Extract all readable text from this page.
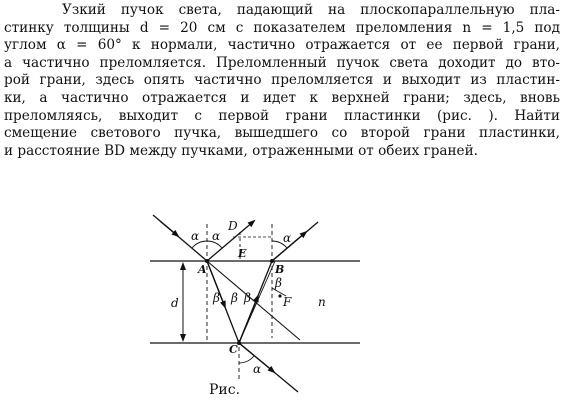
Узкий пучок света, падающий на плоскопараллельную пла-
стинку толщины d = 20 см с показателем преломления n = 1,5 под
углом α = 60° к нормали, частично отражается от ее первой грани,
а частично преломляется. Преломленный пучок света доходит до вто-
рой грани, здесь опять частично преломляется и выходит из пластин-
ки, а частично отражается и идет к верхней грани; здесь, вновь
преломляясь, выходит с первой грани пластинки (рис. ). Найти
смещение светового пучка, вышедшего со второй грани пластинки,
и расстояние BD между пучками, отраженными от обеих граней.
A	B
C
D
E
F
d	n
α α	α
α
β β β
β
Рис.
